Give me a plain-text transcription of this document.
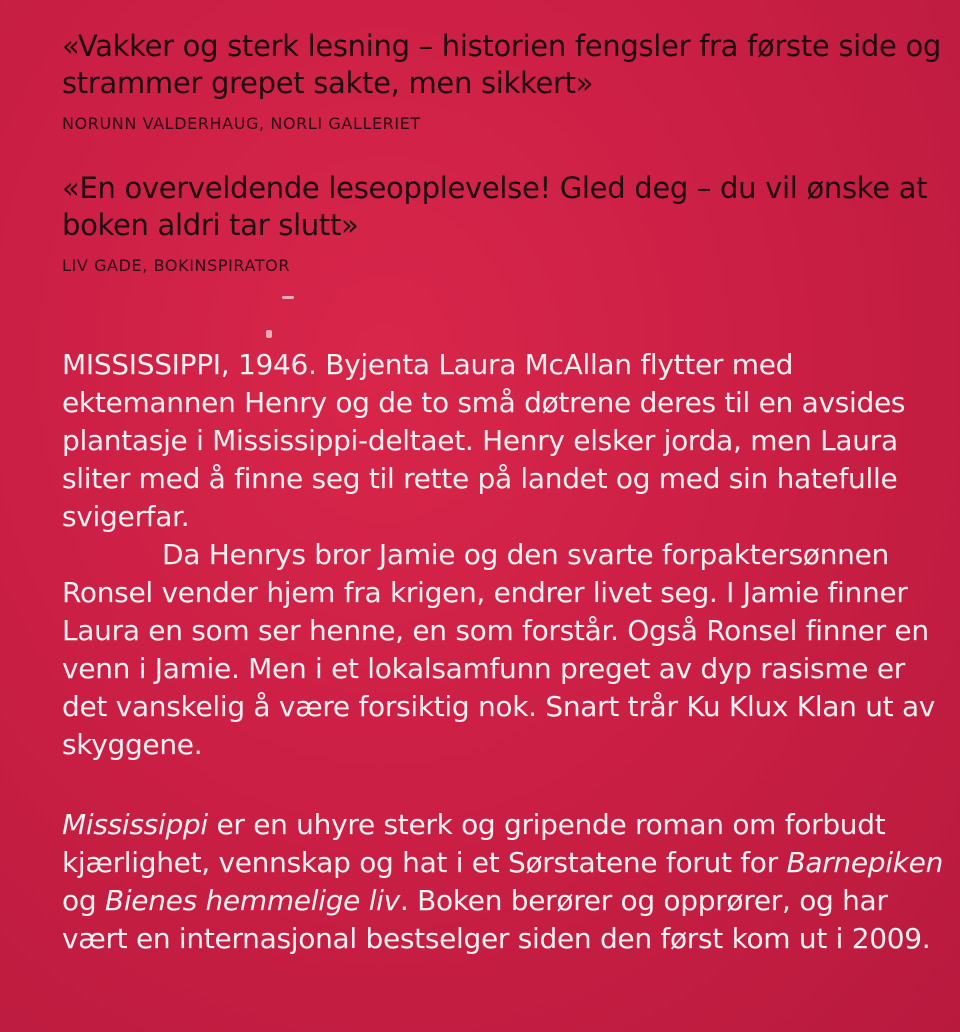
«Vakker og sterk lesning – historien fengsler fra første side og strammer grepet sakte, men sikkert»

NORUNN VALDERHAUG, NORLI GALLERIET

«En overveldende leseopplevelse! Gled deg – du vil ønske at boken aldri tar slutt»

LIV GADE, BOKINSPIRATOR

MISSISSIPPI, 1946. Byjenta Laura McAllan flytter med ektemannen Henry og de to små døtrene deres til en avsides plantasje i Mississippi-deltaet. Henry elsker jorda, men Laura sliter med å finne seg til rette på landet og med sin hatefulle svigerfar.

Da Henrys bror Jamie og den svarte forpaktersønnen Ronsel vender hjem fra krigen, endrer livet seg. I Jamie finner Laura en som ser henne, en som forstår. Også Ronsel finner en venn i Jamie. Men i et lokalsamfunn preget av dyp rasisme er det vanskelig å være forsiktig nok. Snart trår Ku Klux Klan ut av skyggene.

Mississippi er en uhyre sterk og gripende roman om forbudt kjærlighet, vennskap og hat i et Sørstatene forut for Barnepiken og Bienes hemmelige liv. Boken berører og opprører, og har vært en internasjonal bestselger siden den først kom ut i 2009.
